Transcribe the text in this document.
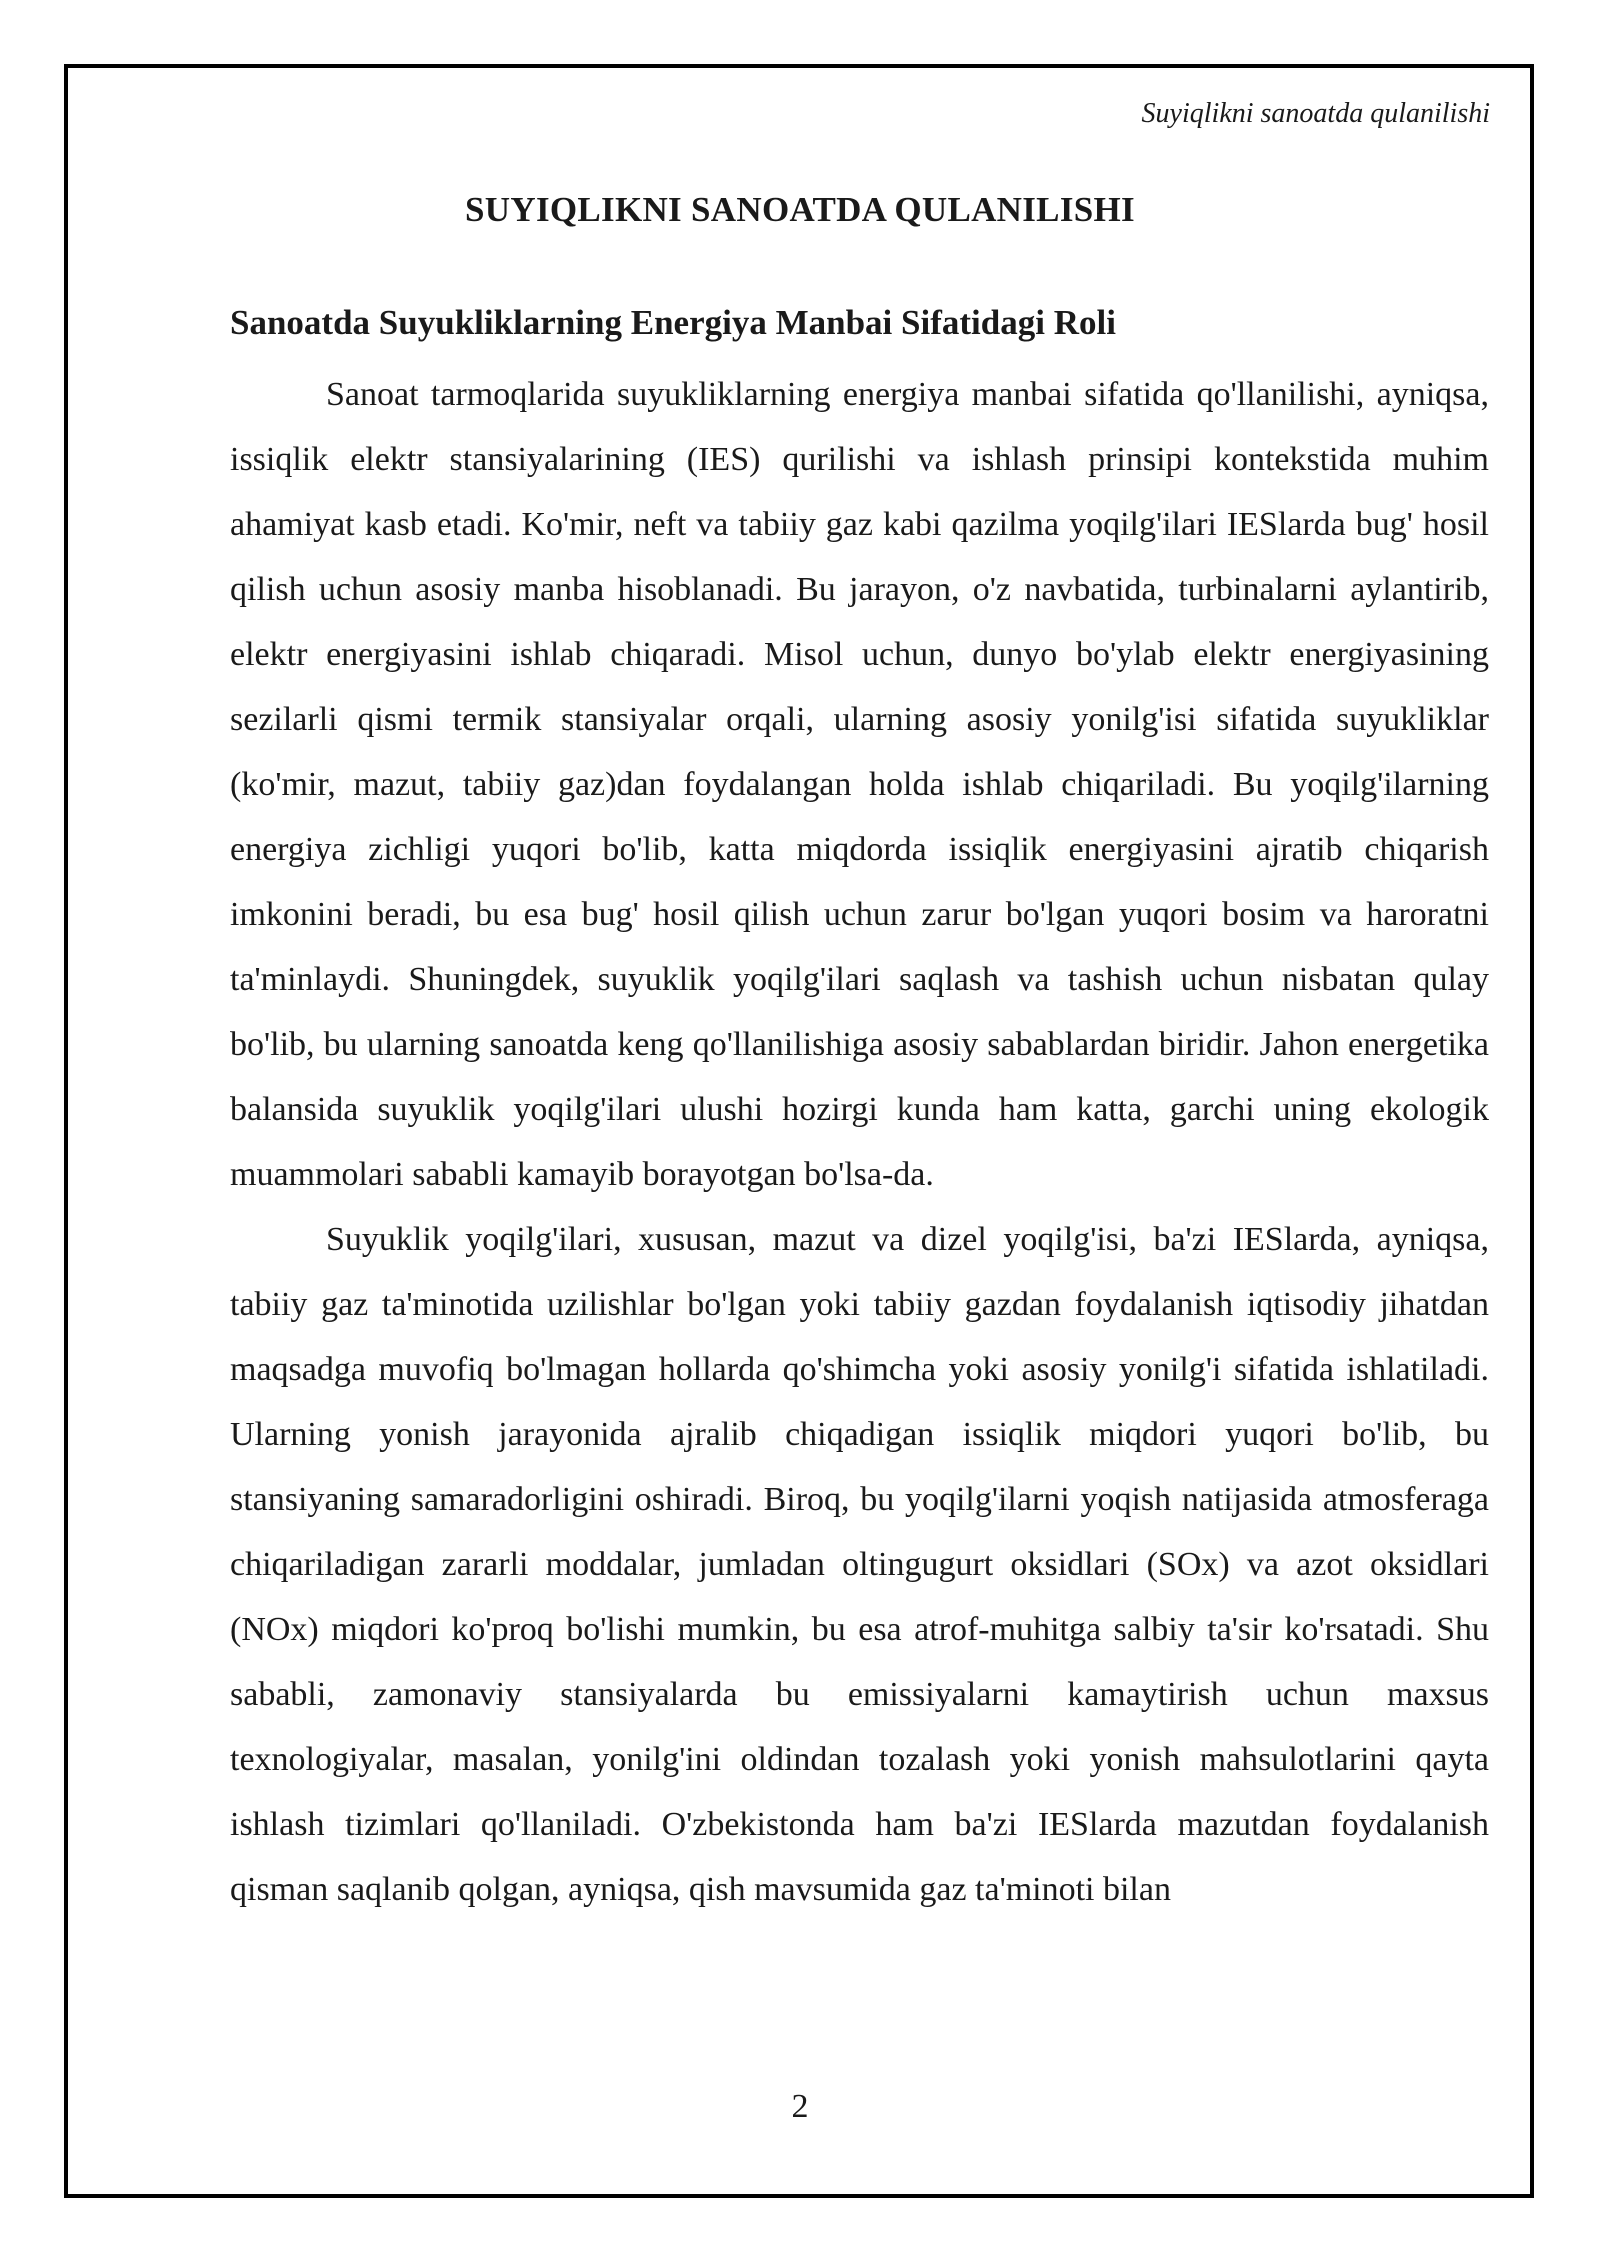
Suyiqlikni sanoatda qulanilishi
SUYIQLIKNI SANOATDA QULANILISHI
Sanoatda Suyukliklarning Energiya Manbai Sifatidagi Roli

Sanoat tarmoqlarida suyukliklarning energiya manbai sifatida qo'llanilishi, ayniqsa, issiqlik elektr stansiyalarining (IES) qurilishi va ishlash prinsipi kontekstida muhim ahamiyat kasb etadi. Ko'mir, neft va tabiiy gaz kabi qazilma yoqilg'ilari IESlarda bug' hosil qilish uchun asosiy manba hisoblanadi. Bu jarayon, o'z navbatida, turbinalarni aylantirib, elektr energiyasini ishlab chiqaradi. Misol uchun, dunyo bo'ylab elektr energiyasining sezilarli qismi termik stansiyalar orqali, ularning asosiy yonilg'isi sifatida suyukliklar (ko'mir, mazut, tabiiy gaz)dan foydalangan holda ishlab chiqariladi. Bu yoqilg'ilarning energiya zichligi yuqori bo'lib, katta miqdorda issiqlik energiyasini ajratib chiqarish imkonini beradi, bu esa bug' hosil qilish uchun zarur bo'lgan yuqori bosim va haroratni ta'minlaydi. Shuningdek, suyuklik yoqilg'ilari saqlash va tashish uchun nisbatan qulay bo'lib, bu ularning sanoatda keng qo'llanilishiga asosiy sabablardan biridir. Jahon energetika balansida suyuklik yoqilg'ilari ulushi hozirgi kunda ham katta, garchi uning ekologik muammolari sababli kamayib borayotgan bo'lsa-da.

Suyuklik yoqilg'ilari, xususan, mazut va dizel yoqilg'isi, ba'zi IESlarda, ayniqsa, tabiiy gaz ta'minotida uzilishlar bo'lgan yoki tabiiy gazdan foydalanish iqtisodiy jihatdan maqsadga muvofiq bo'lmagan hollarda qo'shimcha yoki asosiy yonilg'i sifatida ishlatiladi. Ularning yonish jarayonida ajralib chiqadigan issiqlik miqdori yuqori bo'lib, bu stansiyaning samaradorligini oshiradi. Biroq, bu yoqilg'ilarni yoqish natijasida atmosferaga chiqariladigan zararli moddalar, jumladan oltingugurt oksidlari (SOx) va azot oksidlari (NOx) miqdori ko'proq bo'lishi mumkin, bu esa atrof-muhitga salbiy ta'sir ko'rsatadi. Shu sababli, zamonaviy stansiyalarda bu emissiyalarni kamaytirish uchun maxsus texnologiyalar, masalan, yonilg'ini oldindan tozalash yoki yonish mahsulotlarini qayta ishlash tizimlari qo'llaniladi. O'zbekistonda ham ba'zi IESlarda mazutdan foydalanish qisman saqlanib qolgan, ayniqsa, qish mavsumida gaz ta'minoti bilan

2
